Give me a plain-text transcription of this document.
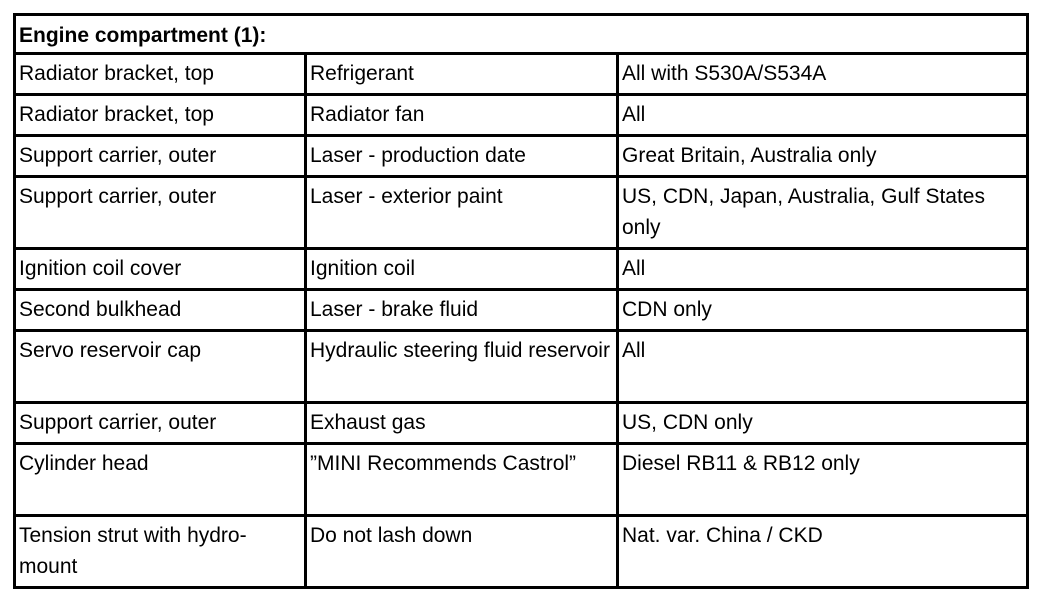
Engine compartment (1):		
Radiator bracket, top	Refrigerant	All with S530A/S534A
Radiator bracket, top	Radiator fan	All
Support carrier, outer	Laser - production date	Great Britain, Australia only
Support carrier, outer	Laser - exterior paint	US, CDN, Japan, Australia, Gulf States only
Ignition coil cover	Ignition coil	All
Second bulkhead	Laser - brake fluid	CDN only
Servo reservoir cap	Hydraulic steering fluid reservoir	All
Support carrier, outer	Exhaust gas	US, CDN only
Cylinder head	”MINI Recommends Castrol”	Diesel RB11 & RB12 only
Tension strut with hydro-mount	Do not lash down	Nat. var. China / CKD
